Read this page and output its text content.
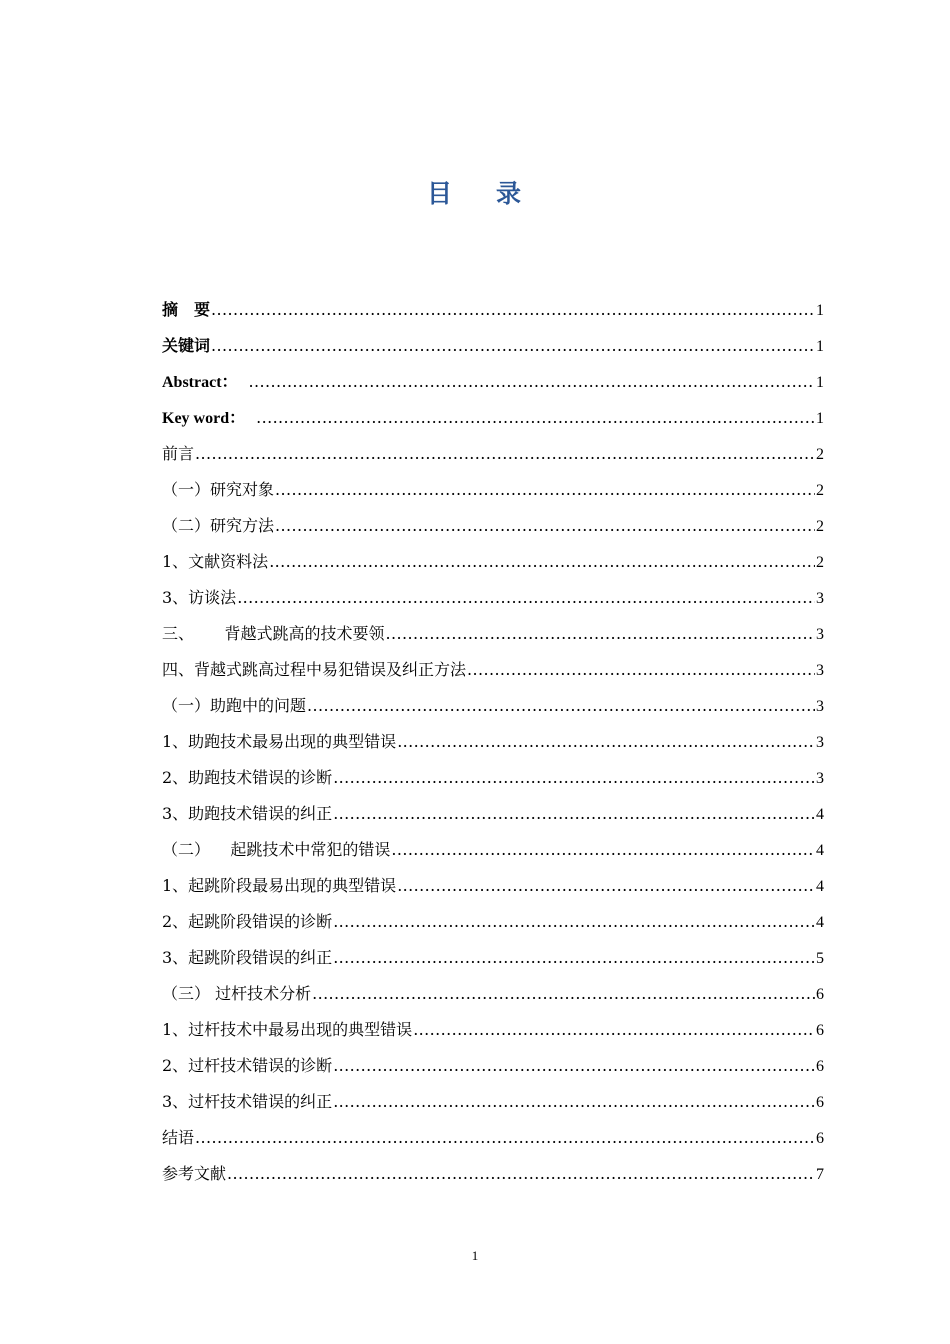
目 录
摘    要 .....	1
关键词 .....	1
Abstract： .....	1
Key word： .....	1
前言 .....	2
（一）研究对象 .....	2
（二）研究方法 .....	2
1、文献资料法 .....	2
3、访谈法 .....	3
三、      背越式跳高的技术要领 .....	3
四、背越式跳高过程中易犯错误及纠正方法 .....	3
（一）助跑中的问题 .....	3
1、助跑技术最易出现的典型错误 .....	3
2、助跑技术错误的诊断 .....	3
3、助跑技术错误的纠正 .....	4
（二）    起跳技术中常犯的错误 .....	4
1、起跳阶段最易出现的典型错误 .....	4
2、起跳阶段错误的诊断 .....	4
3、起跳阶段错误的纠正 .....	5
（三） 过杆技术分析 .....	6
1、过杆技术中最易出现的典型错误 .....	6
2、过杆技术错误的诊断 .....	6
3、过杆技术错误的纠正 .....	6
结语 .....	6
参考文献 .....	7
1
